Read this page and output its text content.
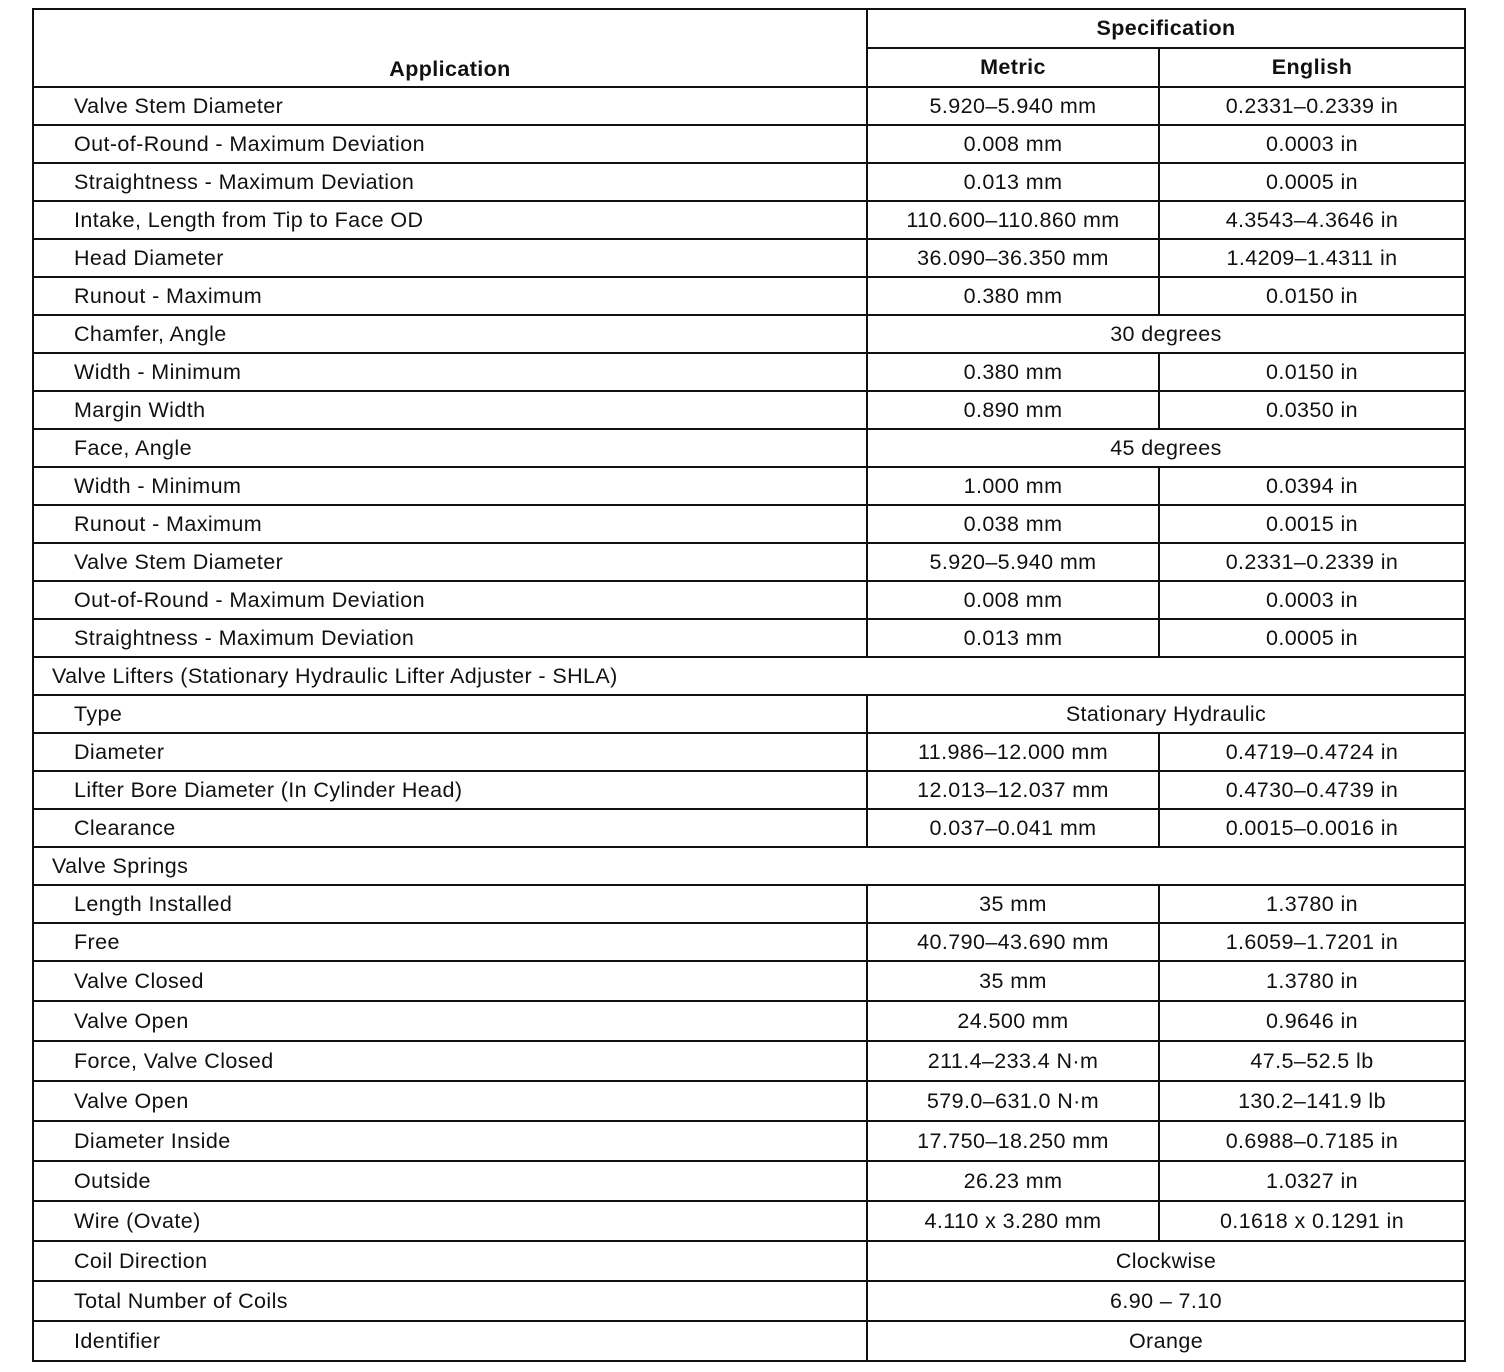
Application	Specification	
	Metric	English
Valve Stem Diameter	5.920–5.940 mm	0.2331–0.2339 in
Out-of-Round - Maximum Deviation	0.008 mm	0.0003 in
Straightness - Maximum Deviation	0.013 mm	0.0005 in
Intake, Length from Tip to Face OD	110.600–110.860 mm	4.3543–4.3646 in
Head Diameter	36.090–36.350 mm	1.4209–1.4311 in
Runout - Maximum	0.380 mm	0.0150 in
Chamfer, Angle	30 degrees	
Width - Minimum	0.380 mm	0.0150 in
Margin Width	0.890 mm	0.0350 in
Face, Angle	45 degrees	
Width - Minimum	1.000 mm	0.0394 in
Runout - Maximum	0.038 mm	0.0015 in
Valve Stem Diameter	5.920–5.940 mm	0.2331–0.2339 in
Out-of-Round - Maximum Deviation	0.008 mm	0.0003 in
Straightness - Maximum Deviation	0.013 mm	0.0005 in
Valve Lifters (Stationary Hydraulic Lifter Adjuster - SHLA)		
Type	Stationary Hydraulic	
Diameter	11.986–12.000 mm	0.4719–0.4724 in
Lifter Bore Diameter (In Cylinder Head)	12.013–12.037 mm	0.4730–0.4739 in
Clearance	0.037–0.041 mm	0.0015–0.0016 in
Valve Springs		
Length Installed	35 mm	1.3780 in
Free	40.790–43.690 mm	1.6059–1.7201 in
Valve Closed	35 mm	1.3780 in
Valve Open	24.500 mm	0.9646 in
Force, Valve Closed	211.4–233.4 N·m	47.5–52.5 lb
Valve Open	579.0–631.0 N·m	130.2–141.9 lb
Diameter Inside	17.750–18.250 mm	0.6988–0.7185 in
Outside	26.23 mm	1.0327 in
Wire (Ovate)	4.110 x 3.280 mm	0.1618 x 0.1291 in
Coil Direction	Clockwise	
Total Number of Coils	6.90 – 7.10	
Identifier	Orange	
